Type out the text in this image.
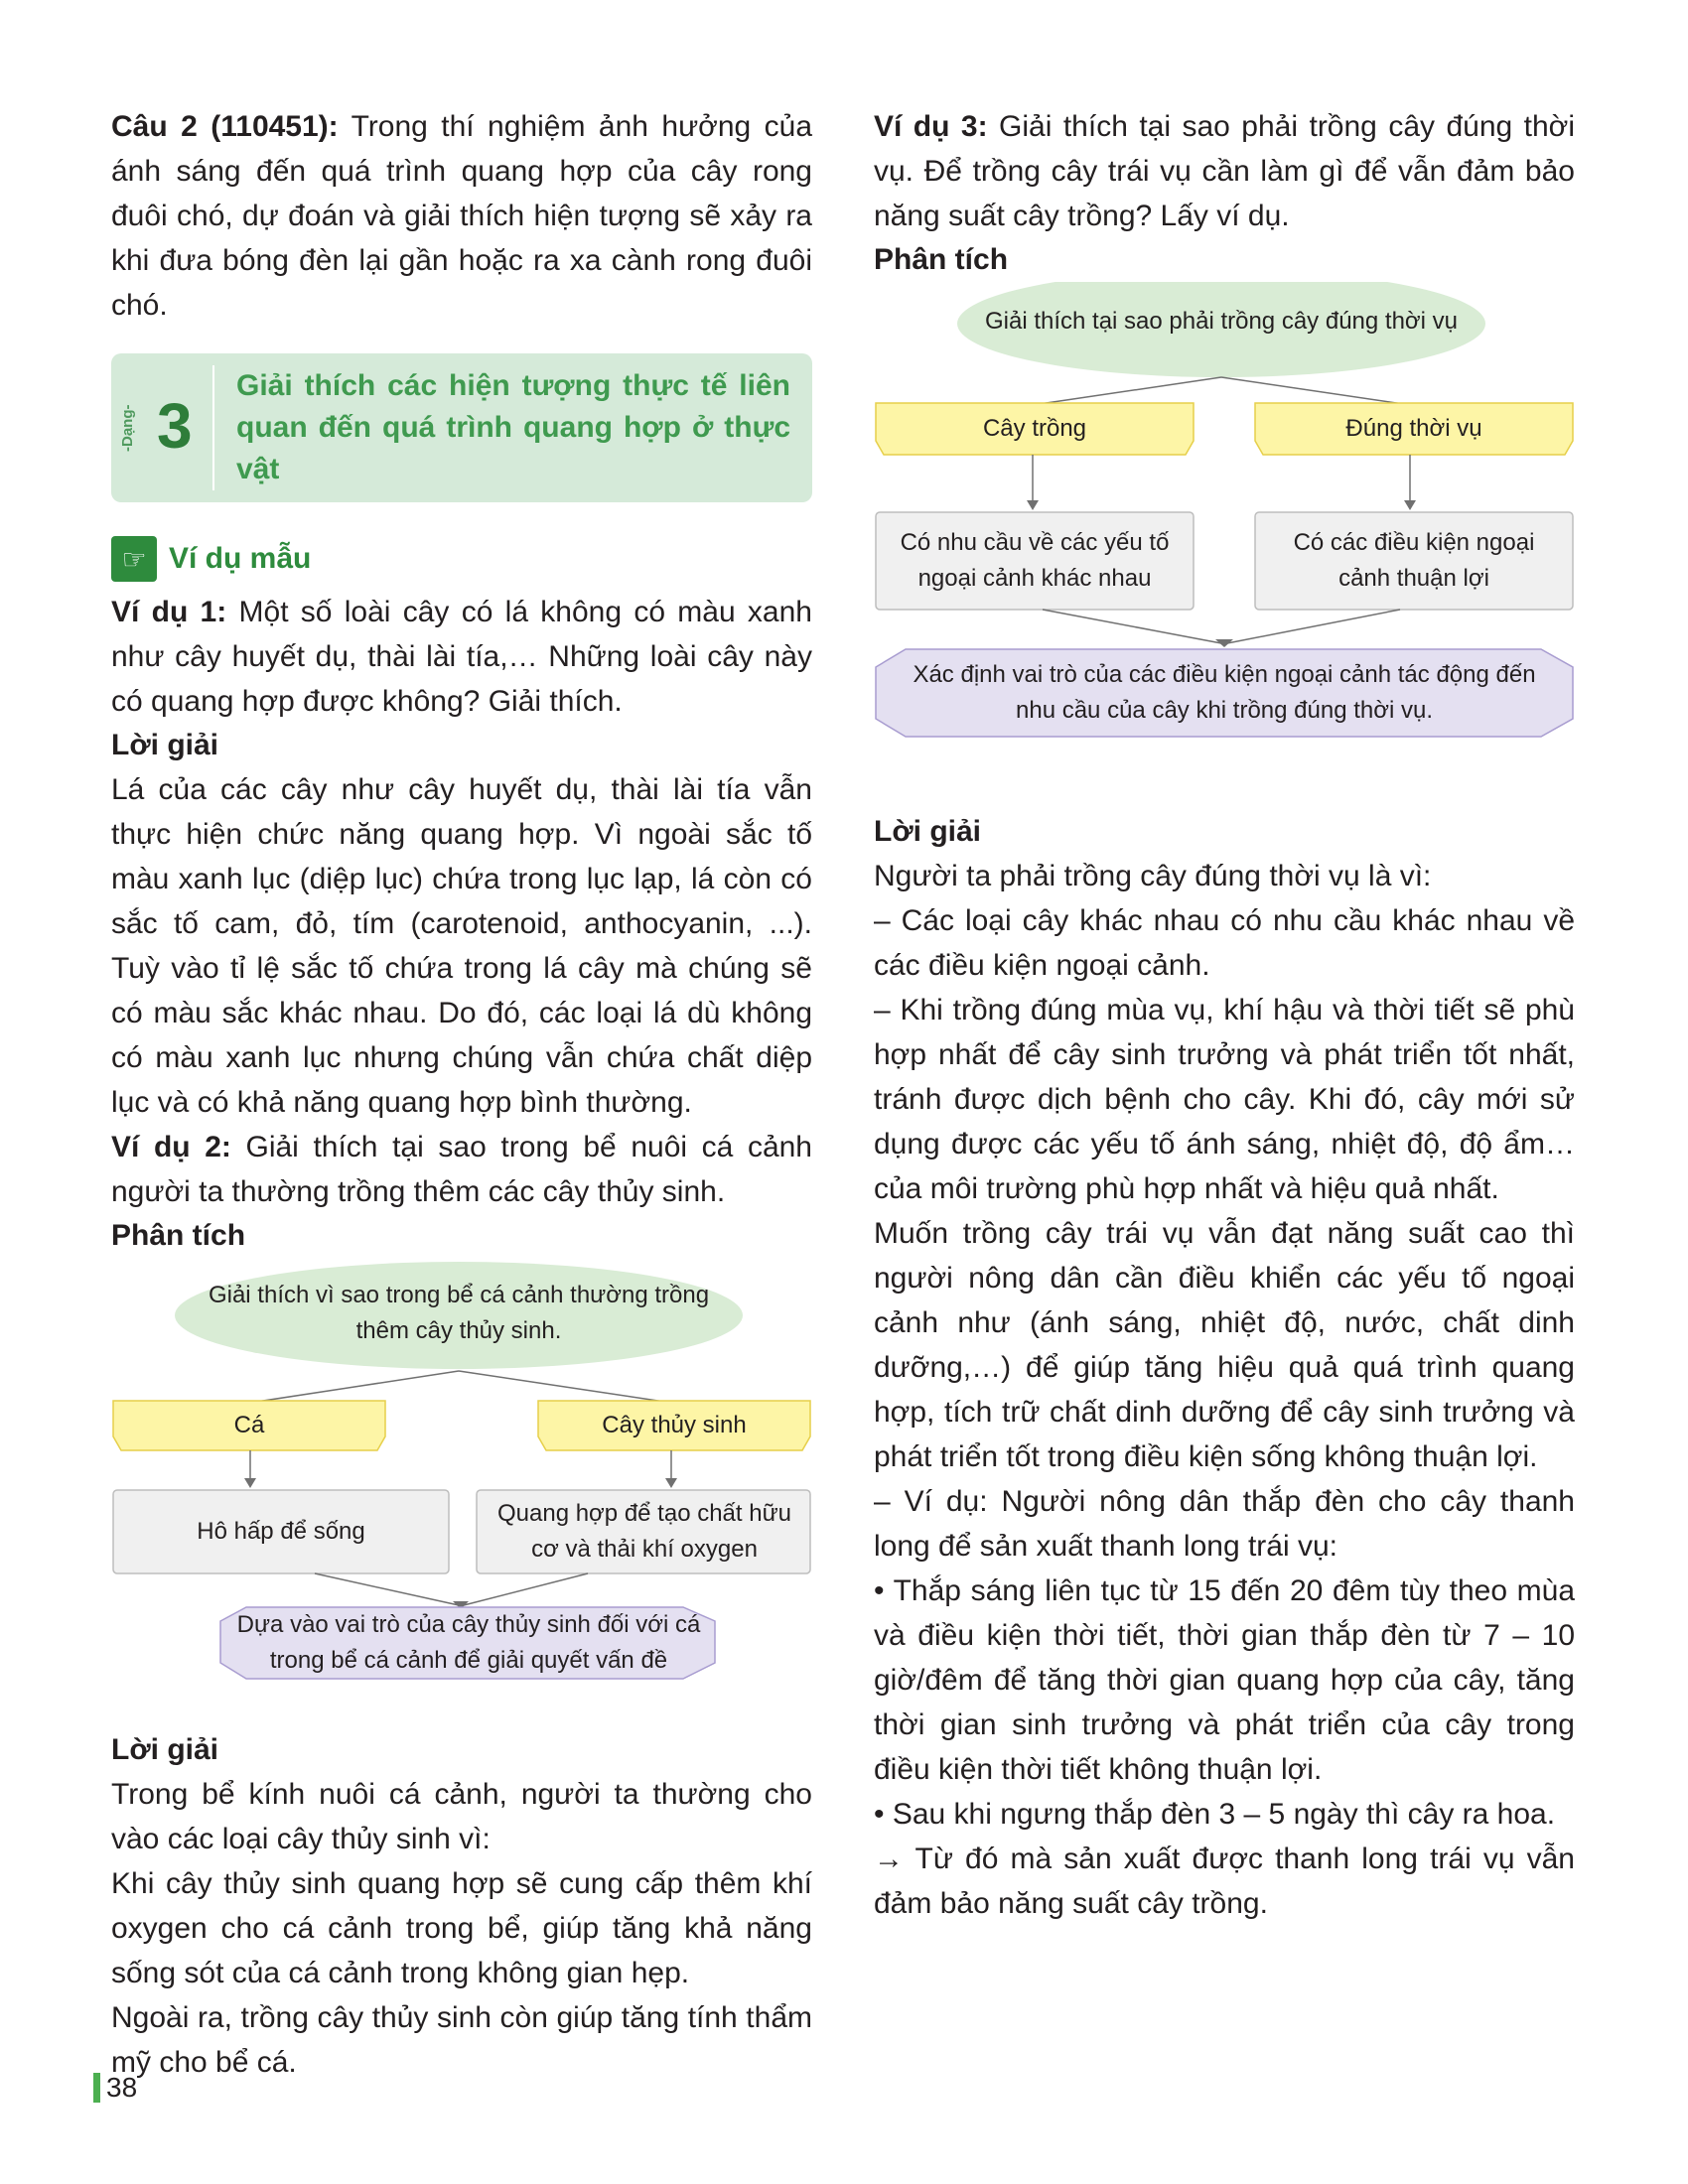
Câu 2 (110451): Trong thí nghiệm ảnh hưởng của ánh sáng đến quá trình quang hợp của cây rong đuôi chó, dự đoán và giải thích hiện tượng sẽ xảy ra khi đưa bóng đèn lại gần hoặc ra xa cành rong đuôi chó.

-Dạng- 3
Giải thích các hiện tượng thực tế liên quan đến quá trình quang hợp ở thực vật
☞ Ví dụ mẫu

Ví dụ 1: Một số loài cây có lá không có màu xanh như cây huyết dụ, thài lài tía,… Những loài cây này có quang hợp được không? Giải thích.

Lời giải

Lá của các cây như cây huyết dụ, thài lài tía vẫn thực hiện chức năng quang hợp. Vì ngoài sắc tố màu xanh lục (diệp lục) chứa trong lục lạp, lá còn có sắc tố cam, đỏ, tím (carotenoid, anthocyanin, ...). Tuỳ vào tỉ lệ sắc tố chứa trong lá cây mà chúng sẽ có màu sắc khác nhau. Do đó, các loại lá dù không có màu xanh lục nhưng chúng vẫn chứa chất diệp lục và có khả năng quang hợp bình thường.

Ví dụ 2: Giải thích tại sao trong bể nuôi cá cảnh người ta thường trồng thêm các cây thủy sinh.

Phân tích
Giải thích vì sao trong bể cá cảnh thường trồng thêm cây thủy sinh.
Cá	Cây thủy sinh
Hô hấp để sống
Quang hợp để tạo chất hữu cơ và thải khí oxygen
Dựa vào vai trò của cây thủy sinh đối với cá trong bể cá cảnh để giải quyết vấn đề
Lời giải

Trong bể kính nuôi cá cảnh, người ta thường cho vào các loại cây thủy sinh vì:

Khi cây thủy sinh quang hợp sẽ cung cấp thêm khí oxygen cho cá cảnh trong bể, giúp tăng khả năng sống sót của cá cảnh trong không gian hẹp.

Ngoài ra, trồng cây thủy sinh còn giúp tăng tính thẩm mỹ cho bể cá.

Ví dụ 3: Giải thích tại sao phải trồng cây đúng thời vụ. Để trồng cây trái vụ cần làm gì để vẫn đảm bảo năng suất cây trồng? Lấy ví dụ.

Phân tích
Giải thích tại sao phải trồng cây đúng thời vụ
Cây trồng	Đúng thời vụ
Có nhu cầu về các yếu tố ngoại cảnh khác nhau
Có các điều kiện ngoại cảnh thuận lợi
Xác định vai trò của các điều kiện ngoại cảnh tác động đến nhu cầu của cây khi trồng đúng thời vụ.
Lời giải

Người ta phải trồng cây đúng thời vụ là vì:

– Các loại cây khác nhau có nhu cầu khác nhau về các điều kiện ngoại cảnh.

– Khi trồng đúng mùa vụ, khí hậu và thời tiết sẽ phù hợp nhất để cây sinh trưởng và phát triển tốt nhất, tránh được dịch bệnh cho cây. Khi đó, cây mới sử dụng được các yếu tố ánh sáng, nhiệt độ, độ ẩm… của môi trường phù hợp nhất và hiệu quả nhất.

Muốn trồng cây trái vụ vẫn đạt năng suất cao thì người nông dân cần điều khiển các yếu tố ngoại cảnh như (ánh sáng, nhiệt độ, nước, chất dinh dưỡng,…) để giúp tăng hiệu quả quá trình quang hợp, tích trữ chất dinh dưỡng để cây sinh trưởng và phát triển tốt trong điều kiện sống không thuận lợi.

– Ví dụ: Người nông dân thắp đèn cho cây thanh long để sản xuất thanh long trái vụ:

• Thắp sáng liên tục từ 15 đến 20 đêm tùy theo mùa và điều kiện thời tiết, thời gian thắp đèn từ 7 – 10 giờ/đêm để tăng thời gian quang hợp của cây, tăng thời gian sinh trưởng và phát triển của cây trong điều kiện thời tiết không thuận lợi.

• Sau khi ngưng thắp đèn 3 – 5 ngày thì cây ra hoa.

→ Từ đó mà sản xuất được thanh long trái vụ vẫn đảm bảo năng suất cây trồng.

38
